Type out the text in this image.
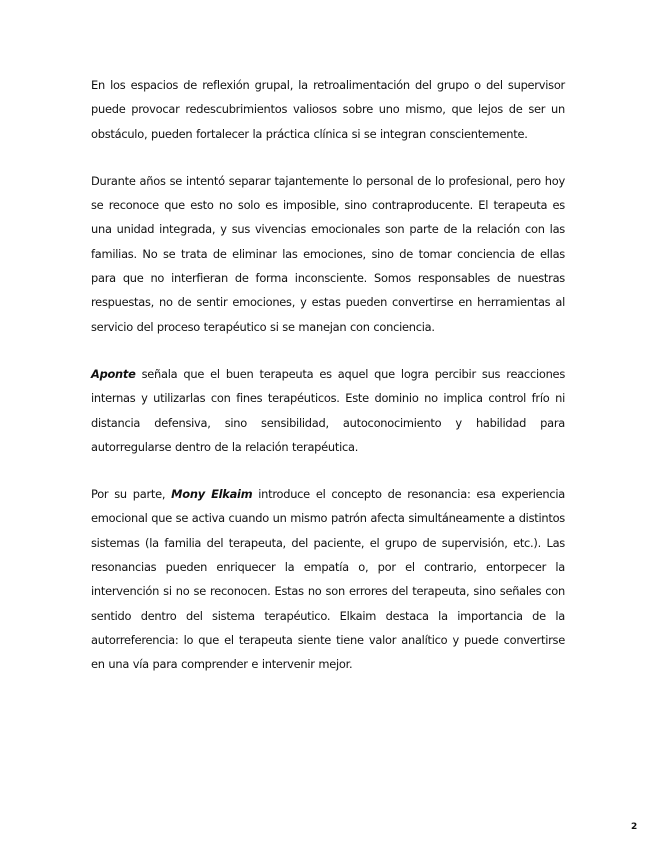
En los espacios de reflexión grupal, la retroalimentación del grupo o del supervisor puede provocar redescubrimientos valiosos sobre uno mismo, que lejos de ser un obstáculo, pueden fortalecer la práctica clínica si se integran conscientemente.

Durante años se intentó separar tajantemente lo personal de lo profesional, pero hoy se reconoce que esto no solo es imposible, sino contraproducente. El terapeuta es una unidad integrada, y sus vivencias emocionales son parte de la relación con las familias. No se trata de eliminar las emociones, sino de tomar conciencia de ellas para que no interfieran de forma inconsciente. Somos responsables de nuestras respuestas, no de sentir emociones, y estas pueden convertirse en herramientas al servicio del proceso terapéutico si se manejan con conciencia.

Aponte señala que el buen terapeuta es aquel que logra percibir sus reacciones internas y utilizarlas con fines terapéuticos. Este dominio no implica control frío ni distancia defensiva, sino sensibilidad, autoconocimiento y habilidad para autorregularse dentro de la relación terapéutica.

Por su parte, Mony Elkaim introduce el concepto de resonancia: esa experiencia emocional que se activa cuando un mismo patrón afecta simultáneamente a distintos sistemas (la familia del terapeuta, del paciente, el grupo de supervisión, etc.). Las resonancias pueden enriquecer la empatía o, por el contrario, entorpecer la intervención si no se reconocen. Estas no son errores del terapeuta, sino señales con sentido dentro del sistema terapéutico. Elkaim destaca la importancia de la autorreferencia: lo que el terapeuta siente tiene valor analítico y puede convertirse en una vía para comprender e intervenir mejor.

2
